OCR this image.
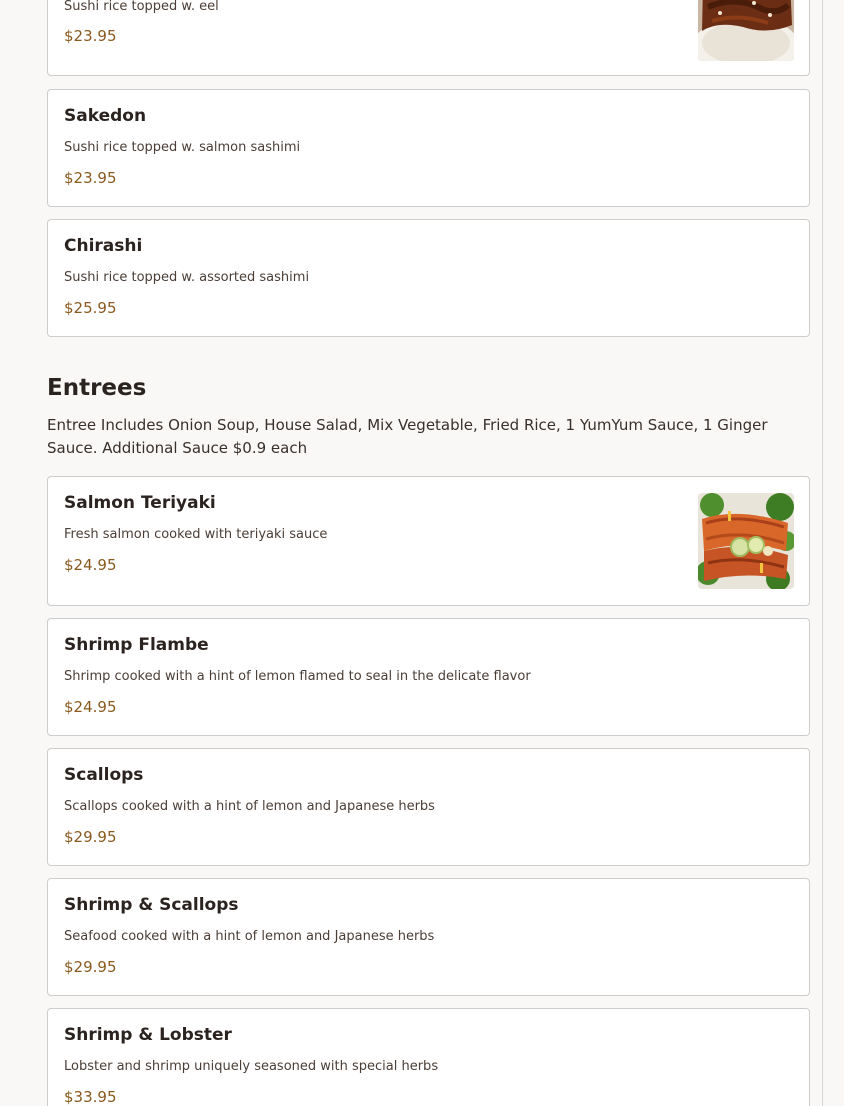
Sushi rice topped w. eel
$23.95
Sakedon
Sushi rice topped w. salmon sashimi
$23.95
Chirashi
Sushi rice topped w. assorted sashimi
$25.95
Entrees
Entree Includes Onion Soup, House Salad, Mix Vegetable, Fried Rice, 1 YumYum Sauce, 1 Ginger Sauce. Additional Sauce $0.9 each
Salmon Teriyaki
Fresh salmon cooked with teriyaki sauce
$24.95
Shrimp Flambe
Shrimp cooked with a hint of lemon flamed to seal in the delicate flavor
$24.95
Scallops
Scallops cooked with a hint of lemon and Japanese herbs
$29.95
Shrimp & Scallops
Seafood cooked with a hint of lemon and Japanese herbs
$29.95
Shrimp & Lobster
Lobster and shrimp uniquely seasoned with special herbs
$33.95
